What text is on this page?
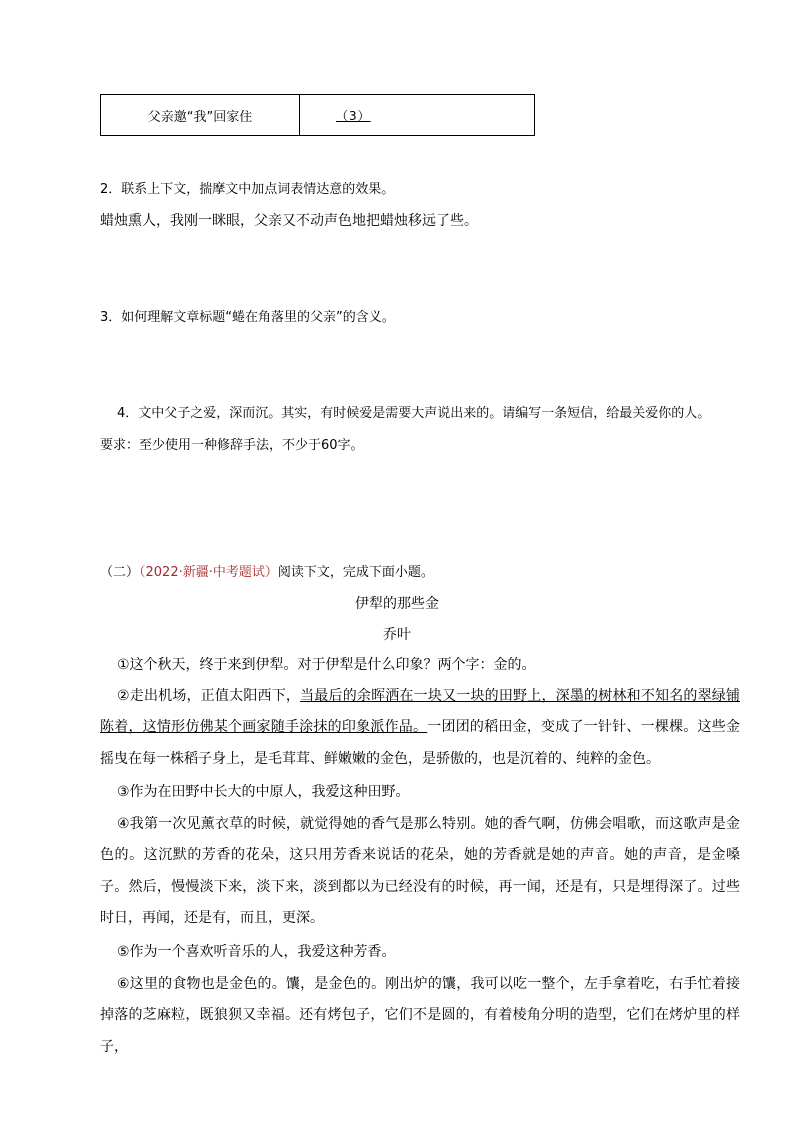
父亲邀“我”回家住	（3）
2．联系上下文，揣摩文中加点词表情达意的效果。
蜡烛熏人，我刚一眯眼，父亲又不动声色地把蜡烛移远了些。
3．如何理解文章标题“蜷在角落里的父亲”的含义。
4．文中父子之爱，深而沉。其实，有时候爱是需要大声说出来的。请编写一条短信，给最关爱你的人。
要求：至少使用一种修辞手法，不少于60字。
（二）（2022·新疆·中考题试）阅读下文，完成下面小题。
伊犁的那些金
乔叶
①这个秋天，终于来到伊犁。对于伊犁是什么印象？两个字：金的。
②走出机场，正值太阳西下，当最后的余晖洒在一块又一块的田野上，深墨的树林和不知名的翠绿铺陈着，这情形仿佛某个画家随手涂抹的印象派作品。一团团的稻田金，变成了一针针、一棵棵。这些金摇曳在每一株稻子身上，是毛茸茸、鲜嫩嫩的金色，是骄傲的，也是沉着的、纯粹的金色。
③作为在田野中长大的中原人，我爱这种田野。
④我第一次见薰衣草的时候，就觉得她的香气是那么特别。她的香气啊，仿佛会唱歌，而这歌声是金色的。这沉默的芳香的花朵，这只用芳香来说话的花朵，她的芳香就是她的声音。她的声音，是金嗓子。然后，慢慢淡下来，淡下来，淡到都以为已经没有的时候，再一闻，还是有，只是埋得深了。过些时日，再闻，还是有，而且，更深。
⑤作为一个喜欢听音乐的人，我爱这种芳香。
⑥这里的食物也是金色的。馕，是金色的。刚出炉的馕，我可以吃一整个，左手拿着吃，右手忙着接掉落的芝麻粒，既狼狈又幸福。还有烤包子，它们不是圆的，有着棱角分明的造型，它们在烤炉里的样子，
